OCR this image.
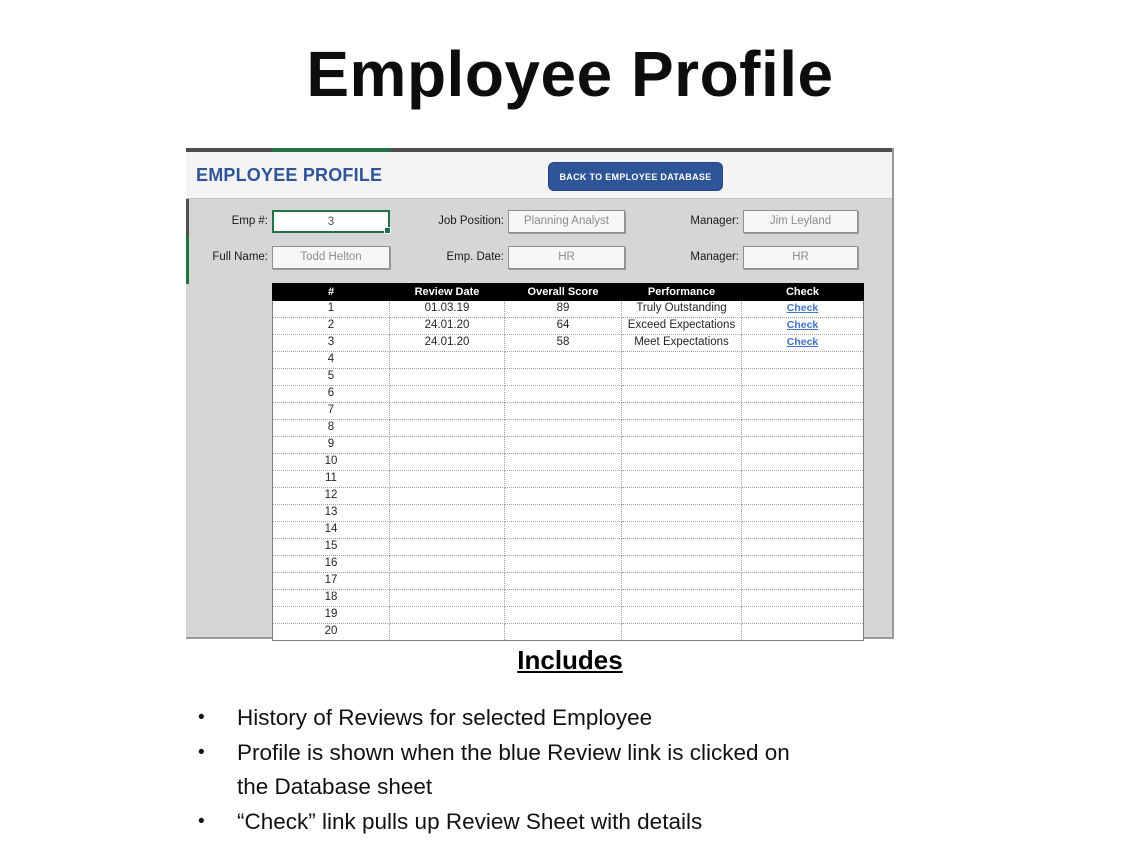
Employee Profile
EMPLOYEE PROFILE	BACK TO EMPLOYEE DATABASE
Emp #:	3	Job Position:	Planning Analyst	Manager:	Jim Leyland
Full Name:	Todd Helton	Emp. Date:	HR	Manager:	HR
#	Review Date	Overall Score	Performance	Check
1	01.03.19	89	Truly Outstanding	Check
2	24.01.20	64	Exceed Expectations	Check
3	24.01.20	58	Meet Expectations	Check
4				
5				
6				
7				
8				
9				
10				
11				
12				
13				
14				
15				
16				
17				
18				
19				
20				
Includes
•	History of Reviews for selected Employee
•	Profile is shown when the blue Review link is clicked on
the Database sheet
•	“Check” link pulls up Review Sheet with details
